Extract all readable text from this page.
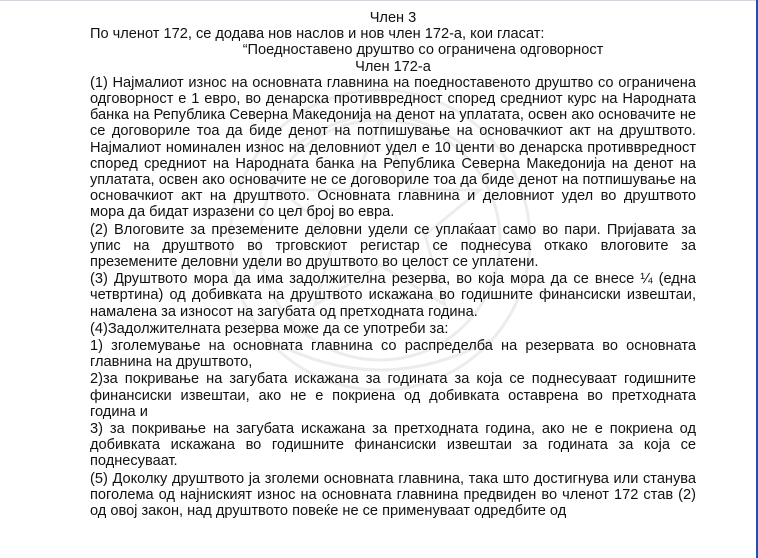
Член 3

По членот 172, се додава нов наслов и нов член 172-а, кои гласат:

“Поедноставено друштво со ограничена одговорност

Член 172-а

(1) Најмалиот износ на основната главнина на поедноставеното друштво со ограничена одговорност е 1 евро, во денарска противвредност според средниот курс на Народната банка на Република Северна Македонија на денот на уплатата, освен ако основачите не се договориле тоа да биде денот на потпишување на основачкиот акт на друштвото. Најмалиот номинален износ на деловниот удел е 10 центи во денарска противвредност според средниот на Народната банка на Република Северна Македонија на денот на уплатата, освен ако основачите не се договориле тоа да биде денот на потпишување на основачкиот акт на друштвото. Основната главнина и деловниот удел во друштвото мора да бидат изразени со цел број во евра.

(2) Влоговите за преземените деловни удели се уплаќаат само во пари. Пријавата за упис на друштвото во трговскиот регистар се поднесува откако влоговите за преземените деловни удели во друштвото во целост се уплатени.

(3) Друштвото мора да има задолжителна резерва, во која мора да се внесе ¼ (една четвртина) од добивката на друштвото искажана во годишните финансиски извештаи, намалена за износот на загубата од претходната година.

(4)Задолжителната резерва може да се употреби за:

1) зголемување на основната главнина со распределба на резервата во основната главнина на друштвото,

2)за покривање на загубата искажана за годината за која се поднесуваат годишните финансиски извештаи, ако не е покриена од добивката оставрена во претходната година и

3) за покривање на загубата искажана за претходната година, ако не е покриена од добивката искажана во годишните финансиски извештаи за годината за која се поднесуваат.

(5) Доколку друштвото ја зголеми основната главнина, така што достигнува или станува поголема од најниският износ на основната главнина предвиден во членот 172 став (2) од овој закон, над друштвото повеќе не се применуваат одредбите од
